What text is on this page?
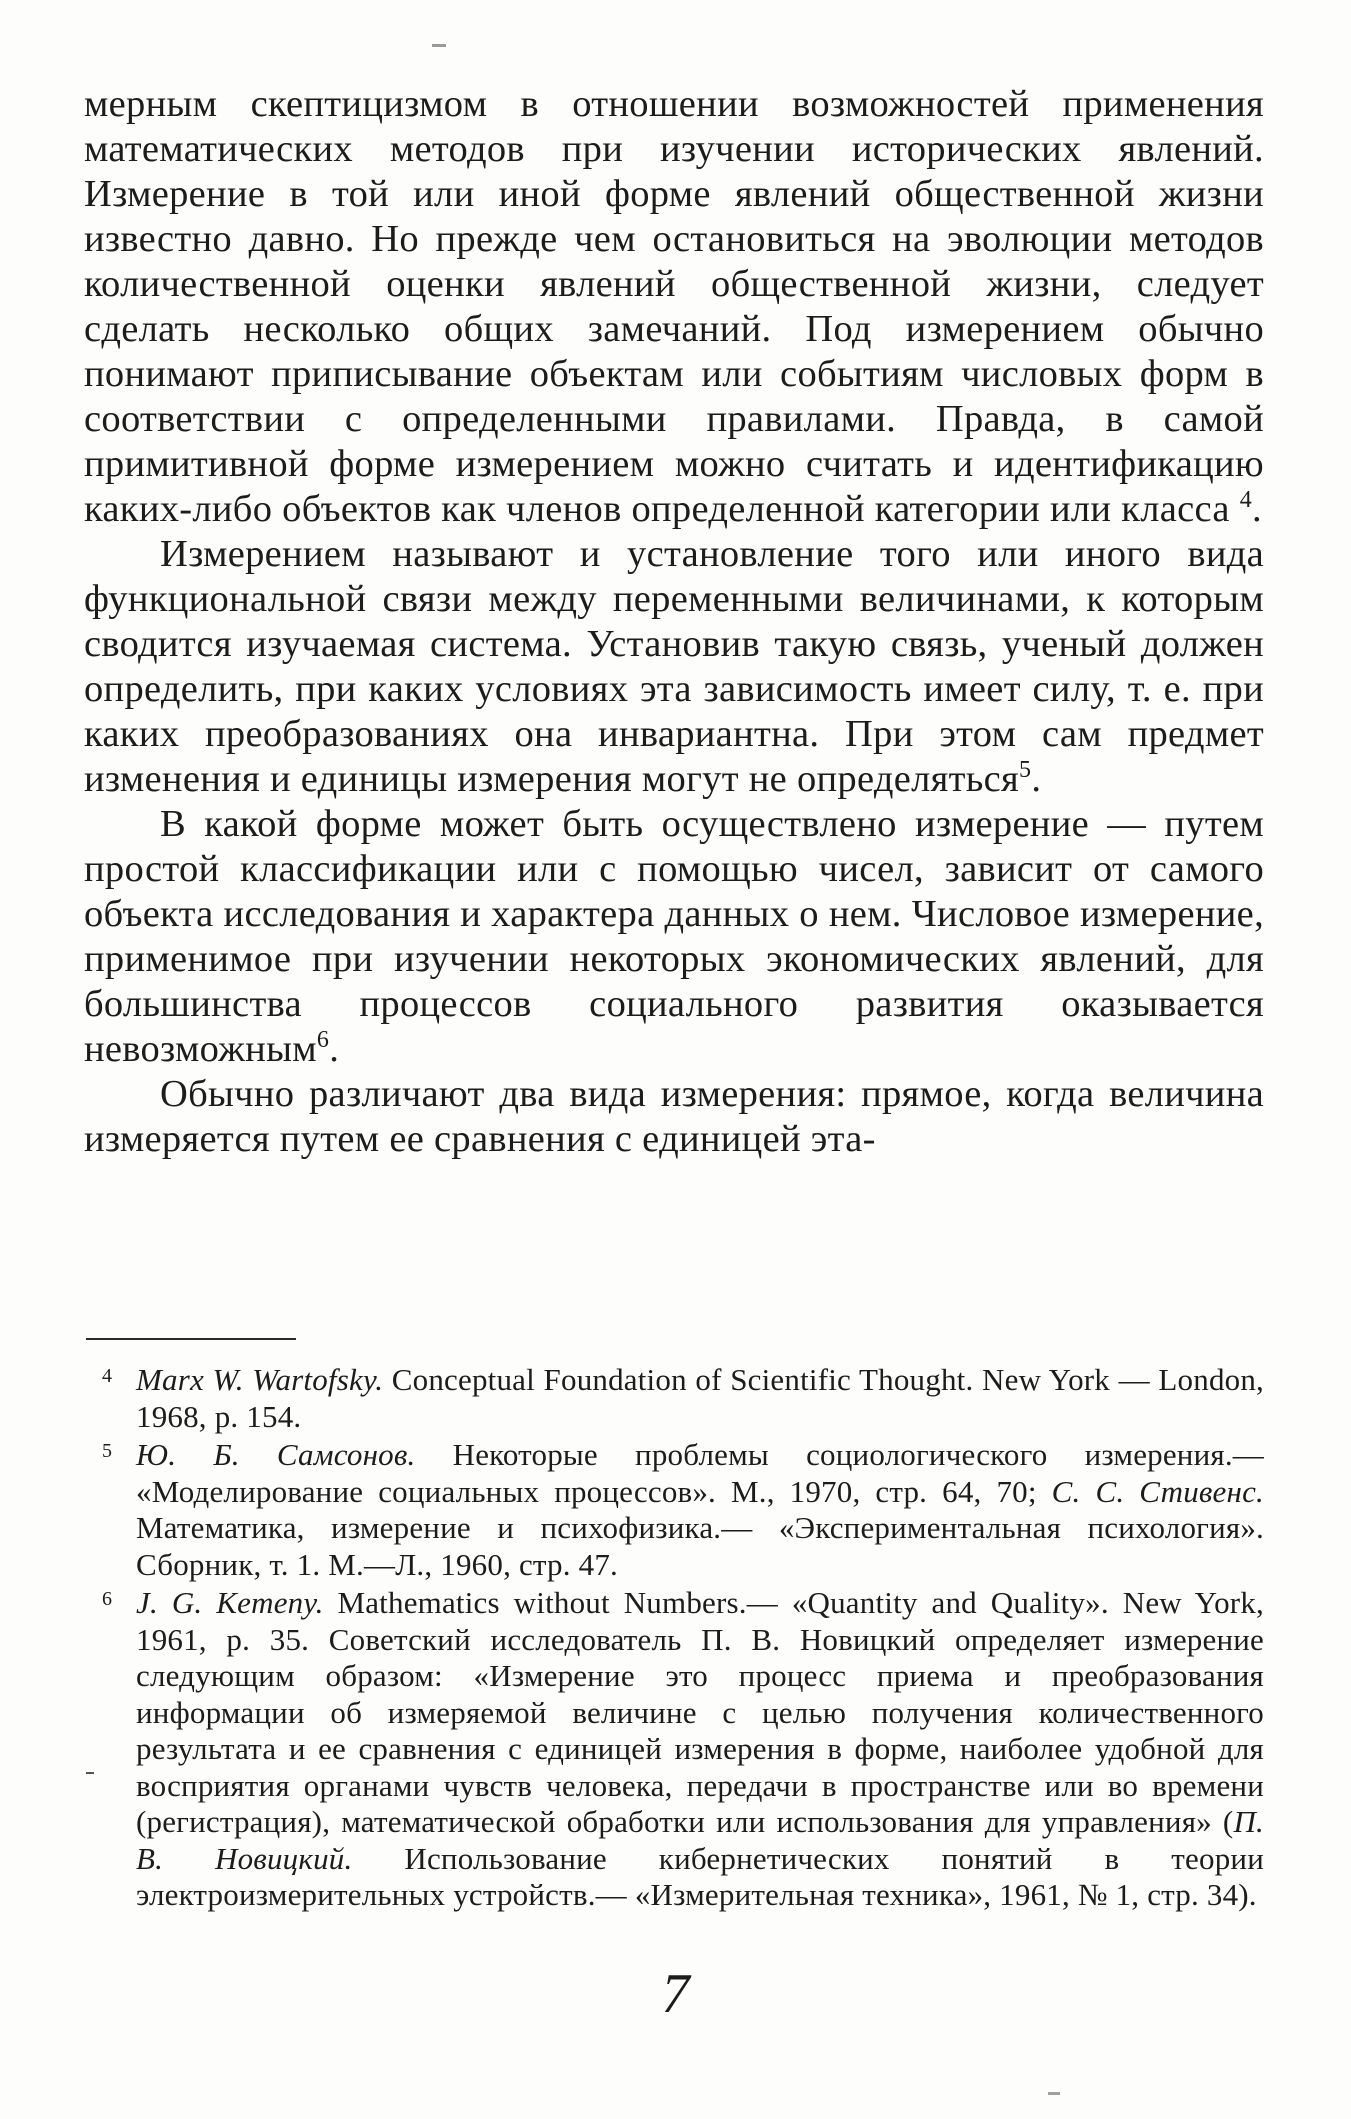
мерным скептицизмом в отношении возможностей применения математических методов при изучении исторических явлений. Измерение в той или иной форме явлений общественной жизни известно давно. Но прежде чем остановиться на эволюции методов количественной оценки явлений общественной жизни, следует сделать несколько общих замечаний. Под измерением обычно понимают приписывание объектам или событиям числовых форм в соответствии с определенными правилами. Правда, в самой примитивной форме измерением можно считать и идентификацию каких-либо объектов как членов определенной категории или класса $^4$.

Измерением называют и установление того или иного вида функциональной связи между переменными величинами, к которым сводится изучаемая система. Установив такую связь, ученый должен определить, при каких условиях эта зависимость имеет силу, т. е. при каких преобразованиях она инвариантна. При этом сам предмет изменения и единицы измерения могут не определяться$^5$.

В какой форме может быть осуществлено измерение — путем простой классификации или с помощью чисел, зависит от самого объекта исследования и характера данных о нем. Числовое измерение, применимое при изучении некоторых экономических явлений, для большинства процессов социального развития оказывается невозможным$^6$.

Обычно различают два вида измерения: прямое, когда величина измеряется путем ее сравнения с единицей эта-

4 Marx W. Wartofsky. Conceptual Foundation of Scientific Thought. New York — London, 1968, p. 154.
5 Ю. Б. Самсонов. Некоторые проблемы социологического измерения.— «Моделирование социальных процессов». М., 1970, стр. 64, 70; С. С. Стивенс. Математика, измерение и психофизика.— «Экспериментальная психология». Сборник, т. 1. М.—Л., 1960, стр. 47.
6 J. G. Kemeny. Mathematics without Numbers.— «Quantity and Quality». New York, 1961, p. 35. Советский исследователь П. В. Новицкий определяет измерение следующим образом: «Измерение это процесс приема и преобразования информации об измеряемой величине с целью получения количественного результата и ее сравнения с единицей измерения в форме, наиболее удобной для восприятия органами чувств человека, передачи в пространстве или во времени (регистрация), математической обработки или использования для управления» (П. В. Новицкий. Использование кибернетических понятий в теории электроизмерительных устройств.— «Измерительная техника», 1961, № 1, стр. 34).
7
